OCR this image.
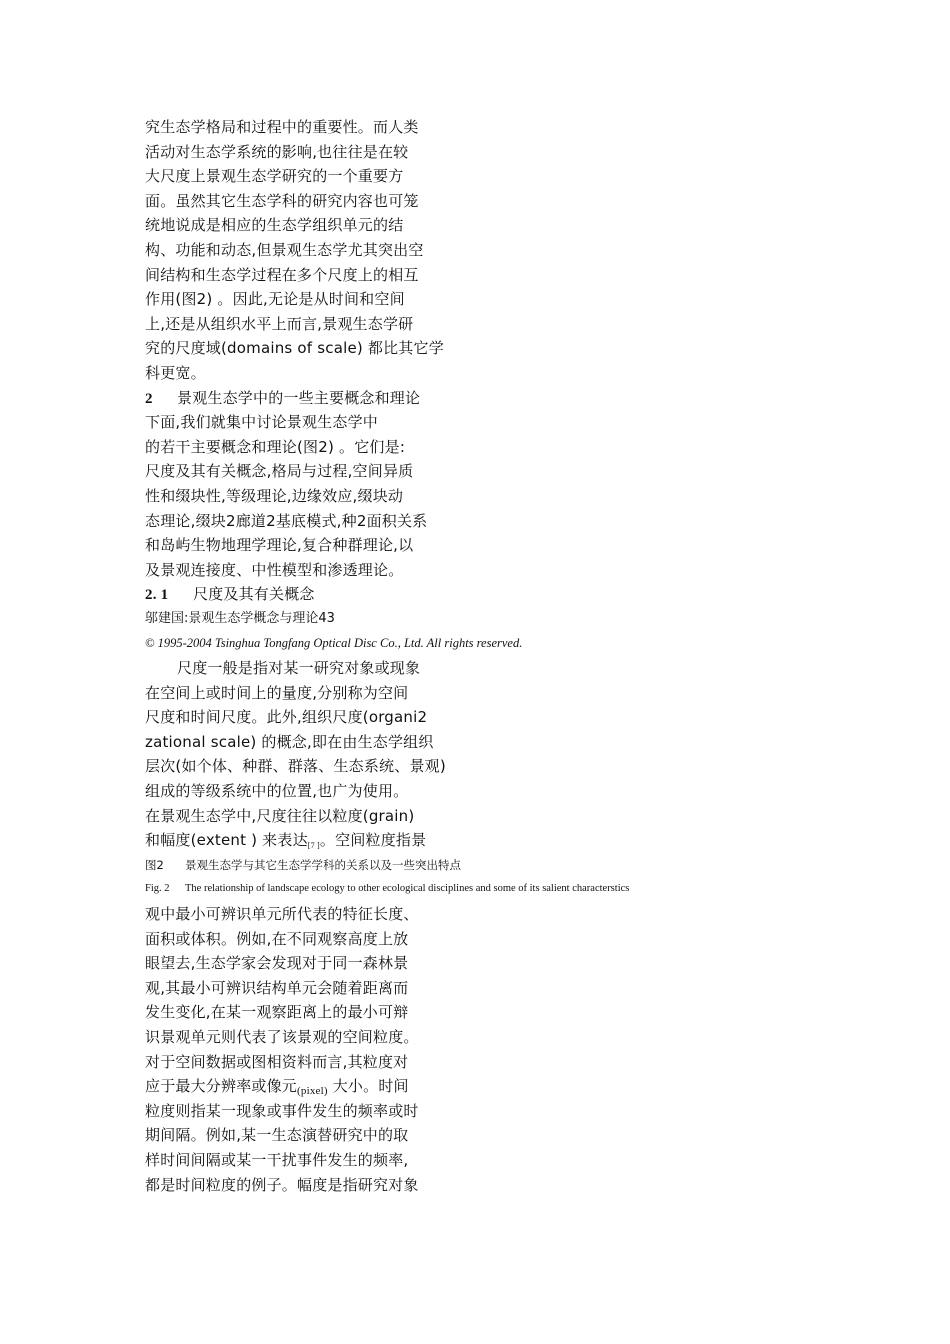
究生态学格局和过程中的重要性。而人类
活动对生态学系统的影响,也往往是在较
大尺度上景观生态学研究的一个重要方
面。虽然其它生态学科的研究内容也可笼
统地说成是相应的生态学组织单元的结
构、功能和动态,但景观生态学尤其突出空
间结构和生态学过程在多个尺度上的相互
作用(图2) 。因此,无论是从时间和空间
上,还是从组织水平上而言,景观生态学研
究的尺度域(domains of scale) 都比其它学
科更宽。
2 景观生态学中的一些主要概念和理论
下面,我们就集中讨论景观生态学中
的若干主要概念和理论(图2) 。它们是:
尺度及其有关概念,格局与过程,空间异质
性和缀块性,等级理论,边缘效应,缀块动
态理论,缀块2廊道2基底模式,种2面积关系
和岛屿生物地理学理论,复合种群理论,以
及景观连接度、中性模型和渗透理论。
2. 1 尺度及其有关概念
邬建国:景观生态学概念与理论43
© 1995-2004 Tsinghua Tongfang Optical Disc Co., Ltd. All rights reserved.
尺度一般是指对某一研究对象或现象
在空间上或时间上的量度,分别称为空间
尺度和时间尺度。此外,组织尺度(organi2
zational scale) 的概念,即在由生态学组织
层次(如个体、种群、群落、生态系统、景观)
组成的等级系统中的位置,也广为使用。
在景观生态学中,尺度往往以粒度(grain)
和幅度(extent ) 来表达$_{[7 ]}$。空间粒度指景
图2 景观生态学与其它生态学学科的关系以及一些突出特点
Fig. 2 The relationship of landscape ecology to other ecological disciplines and some of its salient characterstics
观中最小可辨识单元所代表的特征长度、
面积或体积。例如,在不同观察高度上放
眼望去,生态学家会发现对于同一森林景
观,其最小可辨识结构单元会随着距离而
发生变化,在某一观察距离上的最小可辩
识景观单元则代表了该景观的空间粒度。
对于空间数据或图相资料而言,其粒度对
应于最大分辨率或像元$_{(pixel)}$ 大小。时间
粒度则指某一现象或事件发生的频率或时
期间隔。例如,某一生态演替研究中的取
样时间间隔或某一干扰事件发生的频率,
都是时间粒度的例子。幅度是指研究对象
